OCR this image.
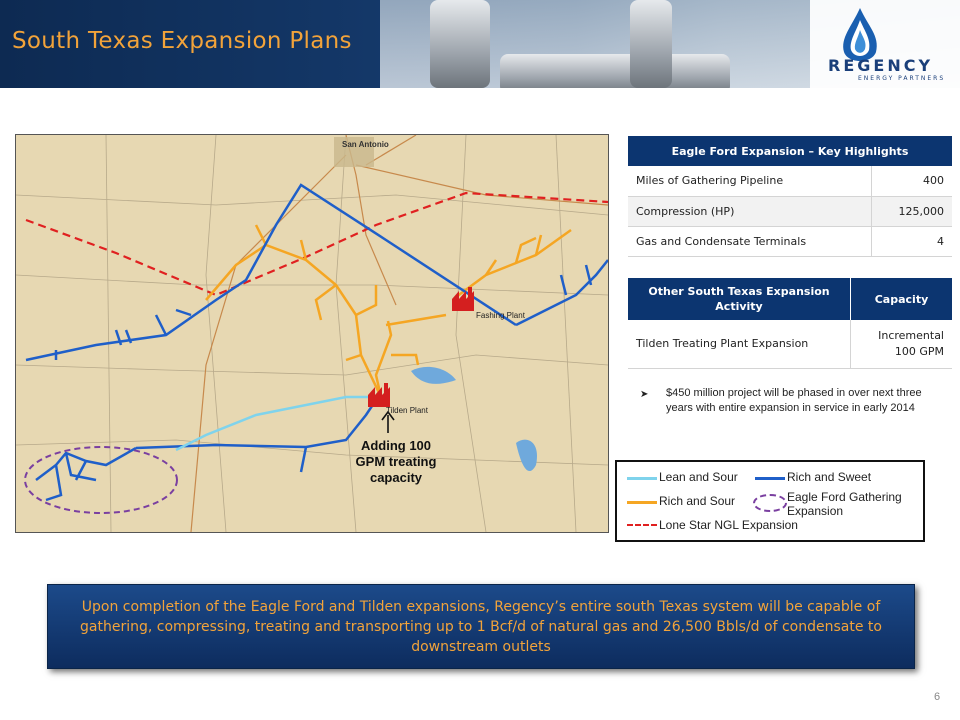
South Texas Expansion Plans
REGENCY
ENERGY PARTNERS
San Antonio
Fashing Plant
Tilden Plant
Adding 100 GPM treating capacity
Eagle Ford Expansion – Key Highlights	
Miles of Gathering Pipeline	400
Compression (HP)	125,000
Gas and Condensate Terminals	4
Other South Texas Expansion Activity	Capacity
Tilden Treating Plant Expansion	Incremental 100 GPM
➤ $450 million project will be phased in over next three years with entire expansion in service in early 2014
Lean and Sour	Rich and Sweet
Rich and Sour	Eagle Ford Gathering Expansion
Lone Star NGL Expansion
Upon completion of the Eagle Ford and Tilden expansions, Regency’s entire south Texas system will be capable of gathering, compressing, treating and transporting up to 1 Bcf/d of natural gas and 26,500 Bbls/d of condensate to downstream outlets
6
